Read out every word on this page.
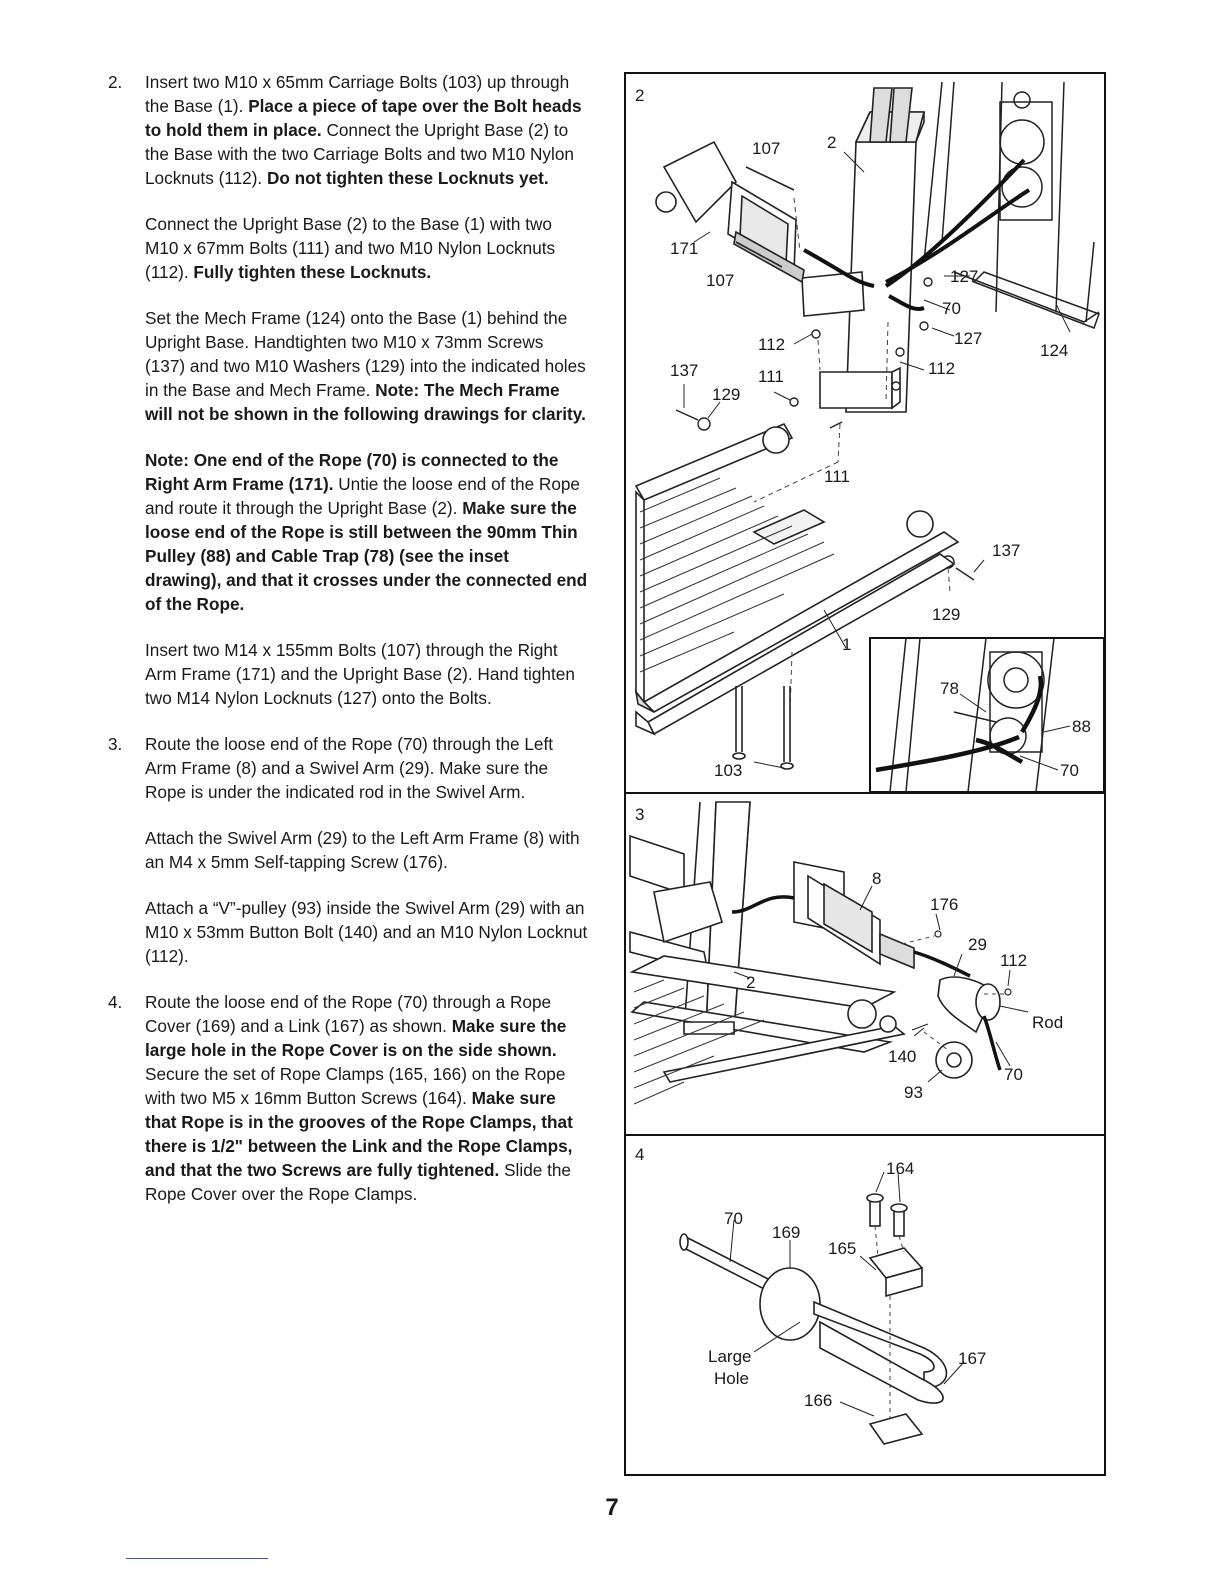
2. Insert two M10 x 65mm Carriage Bolts (103) up through the Base (1). Place a piece of tape over the Bolt heads to hold them in place. Connect the Upright Base (2) to the Base with the two Carriage Bolts and two M10 Nylon Locknuts (112). Do not tighten these Locknuts yet.

Connect the Upright Base (2) to the Base (1) with two M10 x 67mm Bolts (111) and two M10 Nylon Locknuts (112). Fully tighten these Locknuts.

Set the Mech Frame (124) onto the Base (1) behind the Upright Base. Handtighten two M10 x 73mm Screws (137) and two M10 Washers (129) into the indicated holes in the Base and Mech Frame. Note: The Mech Frame will not be shown in the following drawings for clarity.

Note: One end of the Rope (70) is connected to the Right Arm Frame (171). Untie the loose end of the Rope and route it through the Upright Base (2). Make sure the loose end of the Rope is still between the 90mm Thin Pulley (88) and Cable Trap (78) (see the inset drawing), and that it crosses under the connected end of the Rope.

Insert two M14 x 155mm Bolts (107) through the Right Arm Frame (171) and the Upright Base (2). Hand tighten two M14 Nylon Locknuts (127) onto the Bolts.

3. Route the loose end of the Rope (70) through the Left Arm Frame (8) and a Swivel Arm (29). Make sure the Rope is under the indicated rod in the Swivel Arm.

Attach the Swivel Arm (29) to the Left Arm Frame (8) with an M4 x 5mm Self-tapping Screw (176).

Attach a “V”-pulley (93) inside the Swivel Arm (29) with an M10 x 53mm Button Bolt (140) and an M10 Nylon Locknut (112).

4. Route the loose end of the Rope (70) through a Rope Cover (169) and a Link (167) as shown. Make sure the large hole in the Rope Cover is on the side shown. Secure the set of Rope Clamps (165, 166) on the Rope with two M5 x 16mm Button Screws (164). Make sure that Rope is in the grooves of the Rope Clamps, that there is 1/2" between the Link and the Rope Clamps, and that the two Screws are fully tightened. Slide the Rope Cover over the Rope Clamps.

2
107	2
171
107	127
70
127
124
112
137	111
129
112
111
137
129
1
103
78
88
70
3
8
176
29
112
2
Rod
140
70
93
4
164
70
169
165
Large
Hole
167
166
7
